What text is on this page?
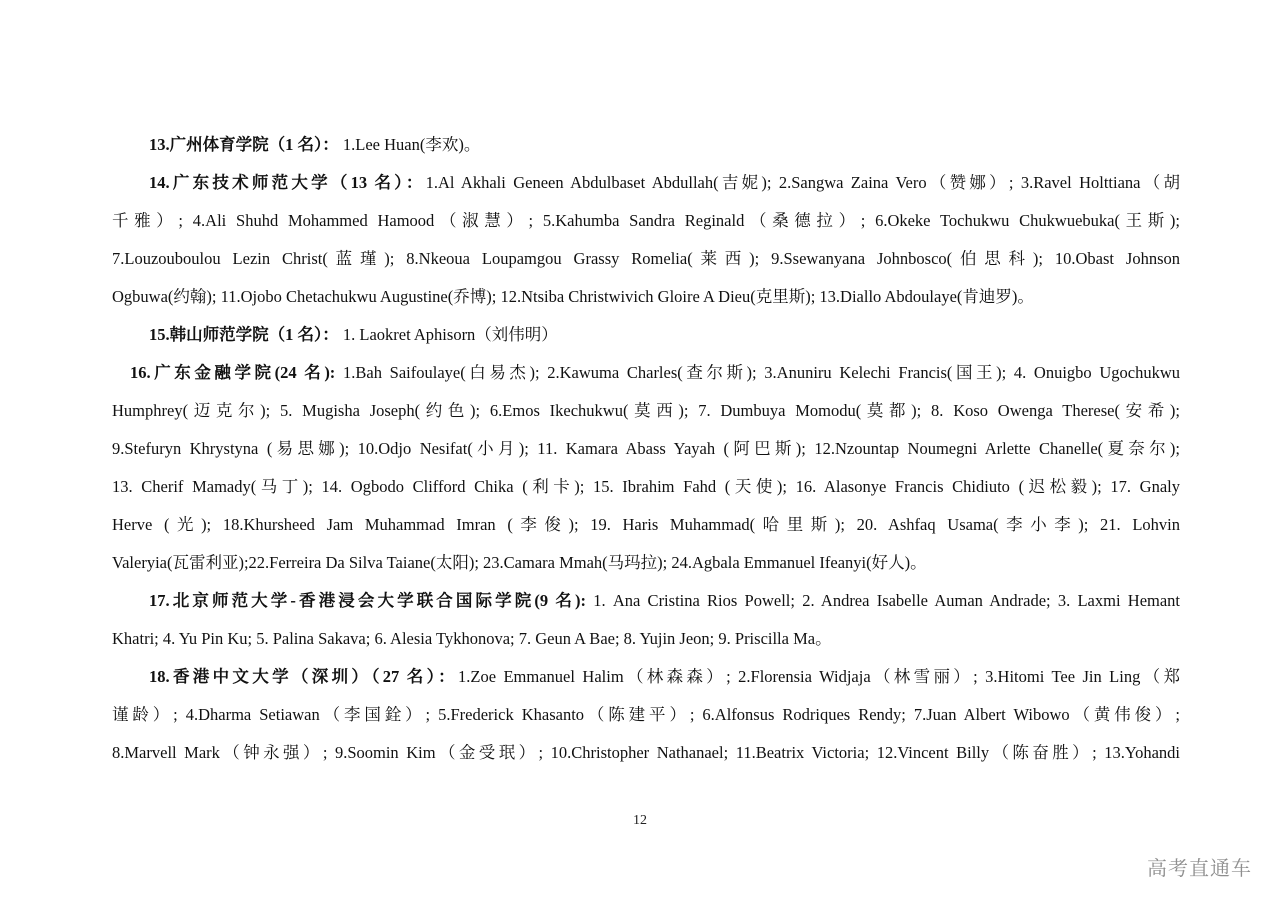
13.广州体育学院（1 名）： 1.Lee Huan(李欢)。
14.广东技术师范大学（13 名）：1.Al Akhali Geneen Abdulbaset Abdullah(吉妮); 2.Sangwa Zaina Vero（赞娜）; 3.Ravel Holttiana（胡
千雅）; 4.Ali Shuhd Mohammed Hamood（淑慧）; 5.Kahumba Sandra Reginald（桑德拉）; 6.Okeke Tochukwu Chukwuebuka(王斯);
7.Louzouboulou Lezin Christ(蓝瑾); 8.Nkeoua Loupamgou Grassy Romelia(莱西); 9.Ssewanyana Johnbosco(伯思科); 10.Obast Johnson
Ogbuwa(约翰); 11.Ojobo Chetachukwu Augustine(乔博); 12.Ntsiba Christwivich Gloire A Dieu(克里斯); 13.Diallo Abdoulaye(肯迪罗)。
15.韩山师范学院（1 名）： 1. Laokret Aphisorn（刘伟明）
16.广东金融学院(24 名): 1.Bah Saifoulaye(白易杰); 2.Kawuma Charles(查尔斯); 3.Anuniru Kelechi Francis(国王); 4. Onuigbo Ugochukwu
Humphrey(迈克尔); 5. Mugisha Joseph(约色); 6.Emos Ikechukwu(莫西); 7. Dumbuya Momodu(莫都); 8. Koso Owenga Therese(安希);
9.Stefuryn Khrystyna (易思娜); 10.Odjo Nesifat(小月); 11. Kamara Abass Yayah (阿巴斯); 12.Nzountap Noumegni Arlette Chanelle(夏奈尔);
13. Cherif Mamady(马丁); 14. Ogbodo Clifford Chika (利卡); 15. Ibrahim Fahd (天使); 16. Alasonye Francis Chidiuto (迟松毅); 17. Gnaly
Herve (光); 18.Khursheed Jam Muhammad Imran (李俊); 19. Haris Muhammad(哈里斯); 20. Ashfaq Usama(李小李); 21. Lohvin
Valeryia(瓦雷利亚);22.Ferreira Da Silva Taiane(太阳); 23.Camara Mmah(马玛拉); 24.Agbala Emmanuel Ifeanyi(好人)。
17.北京师范大学-香港浸会大学联合国际学院(9 名): 1. Ana Cristina Rios Powell; 2. Andrea Isabelle Auman Andrade; 3. Laxmi Hemant
Khatri; 4. Yu Pin Ku; 5. Palina Sakava; 6. Alesia Tykhonova; 7. Geun A Bae; 8. Yujin Jeon; 9. Priscilla Ma。
18.香港中文大学（深圳）（27 名）：1.Zoe Emmanuel Halim（林森森）; 2.Florensia Widjaja（林雪丽）; 3.Hitomi Tee Jin Ling（郑
谨龄）; 4.Dharma Setiawan（李国銓）; 5.Frederick Khasanto（陈建平）; 6.Alfonsus Rodriques Rendy; 7.Juan Albert Wibowo（黄伟俊）;
8.Marvell Mark（钟永强）; 9.Soomin Kim（金受珉）; 10.Christopher Nathanael; 11.Beatrix Victoria; 12.Vincent Billy（陈奋胜）; 13.Yohandi
12
高考直通车
